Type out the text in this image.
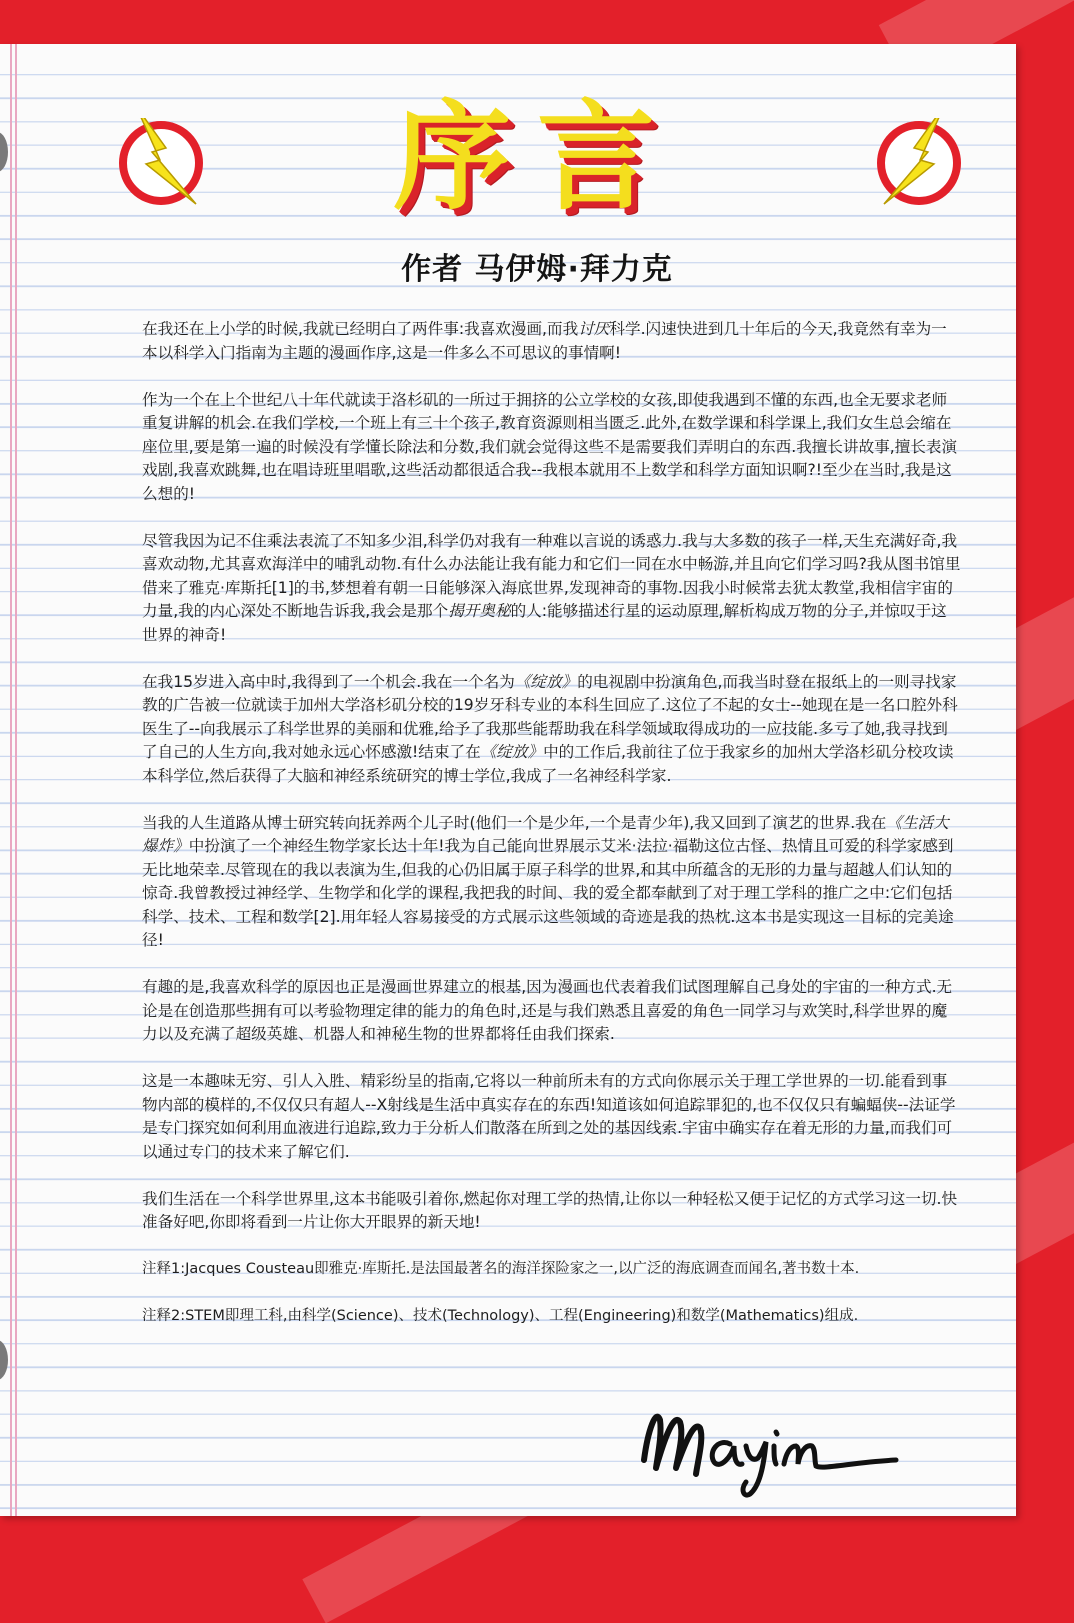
序言
作者 马伊姆·拜力克

在我还在上小学的时候,我就已经明白了两件事:我喜欢漫画,而我讨厌科学.闪速快进到几十年后的今天,我竟然有幸为一本以科学入门指南为主题的漫画作序,这是一件多么不可思议的事情啊!

作为一个在上个世纪八十年代就读于洛杉矶的一所过于拥挤的公立学校的女孩,即使我遇到不懂的东西,也全无要求老师重复讲解的机会.在我们学校,一个班上有三十个孩子,教育资源则相当匮乏.此外,在数学课和科学课上,我们女生总会缩在座位里,要是第一遍的时候没有学懂长除法和分数,我们就会觉得这些不是需要我们弄明白的东西.我擅长讲故事,擅长表演戏剧,我喜欢跳舞,也在唱诗班里唱歌,这些活动都很适合我--我根本就用不上数学和科学方面知识啊?!至少在当时,我是这么想的!

尽管我因为记不住乘法表流了不知多少泪,科学仍对我有一种难以言说的诱惑力.我与大多数的孩子一样,天生充满好奇,我喜欢动物,尤其喜欢海洋中的哺乳动物.有什么办法能让我有能力和它们一同在水中畅游,并且向它们学习吗?我从图书馆里借来了雅克·库斯托[1]的书,梦想着有朝一日能够深入海底世界,发现神奇的事物.因我小时候常去犹太教堂,我相信宇宙的力量,我的内心深处不断地告诉我,我会是那个揭开奥秘的人:能够描述行星的运动原理,解析构成万物的分子,并惊叹于这世界的神奇!

在我15岁进入高中时,我得到了一个机会.我在一个名为《绽放》的电视剧中扮演角色,而我当时登在报纸上的一则寻找家教的广告被一位就读于加州大学洛杉矶分校的19岁牙科专业的本科生回应了.这位了不起的女士--她现在是一名口腔外科医生了--向我展示了科学世界的美丽和优雅,给予了我那些能帮助我在科学领域取得成功的一应技能.多亏了她,我寻找到了自己的人生方向,我对她永远心怀感激!结束了在《绽放》中的工作后,我前往了位于我家乡的加州大学洛杉矶分校攻读本科学位,然后获得了大脑和神经系统研究的博士学位,我成了一名神经科学家.

当我的人生道路从博士研究转向抚养两个儿子时(他们一个是少年,一个是青少年),我又回到了演艺的世界.我在《生活大爆炸》中扮演了一个神经生物学家长达十年!我为自己能向世界展示艾米·法拉·福勒这位古怪、热情且可爱的科学家感到无比地荣幸.尽管现在的我以表演为生,但我的心仍旧属于原子科学的世界,和其中所蕴含的无形的力量与超越人们认知的惊奇.我曾教授过神经学、生物学和化学的课程,我把我的时间、我的爱全都奉献到了对于理工学科的推广之中:它们包括科学、技术、工程和数学[2].用年轻人容易接受的方式展示这些领域的奇迹是我的热枕.这本书是实现这一目标的完美途径!

有趣的是,我喜欢科学的原因也正是漫画世界建立的根基,因为漫画也代表着我们试图理解自己身处的宇宙的一种方式.无论是在创造那些拥有可以考验物理定律的能力的角色时,还是与我们熟悉且喜爱的角色一同学习与欢笑时,科学世界的魔力以及充满了超级英雄、机器人和神秘生物的世界都将任由我们探索.

这是一本趣味无穷、引人入胜、精彩纷呈的指南,它将以一种前所未有的方式向你展示关于理工学世界的一切.能看到事物内部的模样的,不仅仅只有超人--X射线是生活中真实存在的东西!知道该如何追踪罪犯的,也不仅仅只有蝙蝠侠--法证学是专门探究如何利用血液进行追踪,致力于分析人们散落在所到之处的基因线索.宇宙中确实存在着无形的力量,而我们可以通过专门的技术来了解它们.

我们生活在一个科学世界里,这本书能吸引着你,燃起你对理工学的热情,让你以一种轻松又便于记忆的方式学习这一切.快准备好吧,你即将看到一片让你大开眼界的新天地!

注释1:Jacques Cousteau即雅克·库斯托.是法国最著名的海洋探险家之一,以广泛的海底调查而闻名,著书数十本.

注释2:STEM即理工科,由科学(Science)、技术(Technology)、工程(Engineering)和数学(Mathematics)组成.
